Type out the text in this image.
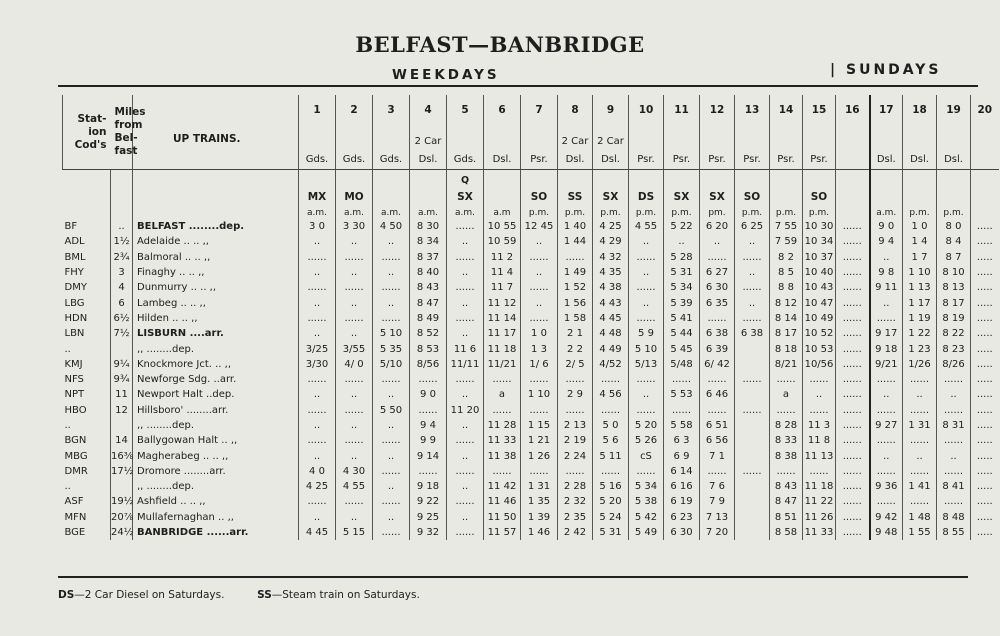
BELFAST—BANBRIDGE
WEEKDAYS	| SUNDAYS
Stat-
ion
Cod's	Miles
from
Bel-
fast	UP TRAINS.	1	2	3	4	5	6	7	8	9	10	11	12	13	14	15	16	17	18	19	20
						2 Car				2 Car	2 Car											
			Gds.	Gds.	Gds.	Dsl.	Gds.	Dsl.	Psr.	Dsl.	Dsl.	Psr.	Psr.	Psr.	Psr.	Psr.	Psr.		Dsl.	Dsl.	Dsl.	
							Q															
			MX	MO			SX		SO	SS	SX	DS	SX	SX	SO		SO					
			a.m.	a.m.	a.m.	a.m.	a.m.	a.m	p.m.	p.m.	p.m.	p.m.	p.m.	pm.	p.m.	p.m.	p.m.		a.m.	p.m.	p.m.	
BF	..	BELFAST ........dep.	3 0	3 30	4 50	8 30	......	10 55	12 45	1 40	4 25	4 55	5 22	6 20	6 25	7 55	10 30	......	9 0	1 0	8 0	.....
ADL	1½	Adelaide .. .. ,,	..	..	..	8 34	..	10 59	..	1 44	4 29	..	..	..	..	7 59	10 34	......	9 4	1 4	8 4	.....
BML	2¾	Balmoral .. .. ,,	......	......	......	8 37	......	11 2	......	......	4 32	......	5 28	......	......	8 2	10 37	......	..	1 7	8 7	.....
FHY	3	Finaghy .. .. ,,	..	..	..	8 40	..	11 4	..	1 49	4 35	..	5 31	6 27	..	8 5	10 40	......	9 8	1 10	8 10	.....
DMY	4	Dunmurry .. .. ,,	......	......	......	8 43	......	11 7	......	1 52	4 38	......	5 34	6 30	......	8 8	10 43	......	9 11	1 13	8 13	.....
LBG	6	Lambeg .. .. ,,	..	..	..	8 47	..	11 12	..	1 56	4 43	..	5 39	6 35	..	8 12	10 47	......	..	1 17	8 17	.....
HDN	6½	Hilden .. .. ,,	......	......	......	8 49	......	11 14	......	1 58	4 45	......	5 41	......	......	8 14	10 49	......	......	1 19	8 19	.....
LBN	7½	LISBURN ....arr.	..	..	5 10	8 52	..	11 17	1 0	2 1	4 48	5 9	5 44	6 38	6 38	8 17	10 52	......	9 17	1 22	8 22	.....
..		,, ........dep.	3/25	3/55	5 35	8 53	11 6	11 18	1 3	2 2	4 49	5 10	5 45	6 39		8 18	10 53	......	9 18	1 23	8 23	.....
KMJ	9¼	Knockmore Jct. .. ,,	3/30	4/ 0	5/10	8/56	11/11	11/21	1/ 6	2/ 5	4/52	5/13	5/48	6/ 42		8/21	10/56	......	9/21	1/26	8/26	.....
NFS	9¾	Newforge Sdg. ..arr.	......	......	......	......	......	......	......	......	......	......	......	......	......	......	......	......	......	......	......	.....
NPT	11	Newport Halt ..dep.	..	..	..	9 0	..	a	1 10	2 9	4 56	..	5 53	6 46		a	..	......	..	..	..	.....
HBO	12	Hillsboro' ........arr.	......	......	5 50	......	11 20	......	......	......	......	......	......	......	......	......	......	......	......	......	......	.....
..		,, ........dep.	..	..	..	9 4	..	11 28	1 15	2 13	5 0	5 20	5 58	6 51		8 28	11 3	......	9 27	1 31	8 31	.....
BGN	14	Ballygowan Halt .. ,,	......	......	......	9 9	......	11 33	1 21	2 19	5 6	5 26	6 3	6 56		8 33	11 8	......	......	......	......	.....
MBG	16⅜	Magherabeg .. .. ,,	..	..	..	9 14	..	11 38	1 26	2 24	5 11	cS	6 9	7 1		8 38	11 13	......	..	..	..	.....
DMR	17½	Dromore ........arr.	4 0	4 30	......	......	......	......	......	......	......	......	6 14	......	......	......	......	......	......	......	......	.....
..		,, ........dep.	4 25	4 55	..	9 18	..	11 42	1 31	2 28	5 16	5 34	6 16	7 6		8 43	11 18	......	9 36	1 41	8 41	.....
ASF	19½	Ashfield .. .. ,,	......	......	......	9 22	......	11 46	1 35	2 32	5 20	5 38	6 19	7 9		8 47	11 22	......	......	......	......	.....
MFN	20⅞	Mullafernaghan .. ,,	..	..	..	9 25	..	11 50	1 39	2 35	5 24	5 42	6 23	7 13		8 51	11 26	......	9 42	1 48	8 48	.....
BGE	24½	BANBRIDGE ......arr.	4 45	5 15	......	9 32	......	11 57	1 46	2 42	5 31	5 49	6 30	7 20		8 58	11 33	......	9 48	1 55	8 55	.....
DS—2 Car Diesel on Saturdays.	SS—Steam train on Saturdays.
